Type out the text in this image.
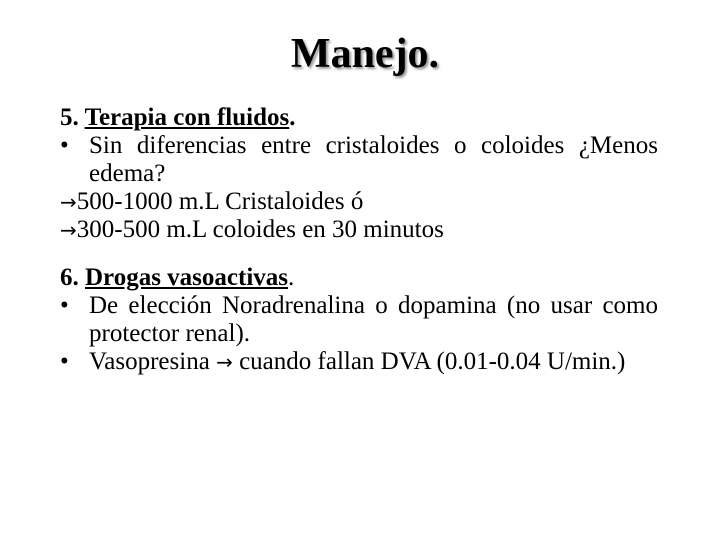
Manejo.
5. Terapia con fluidos.
• Sin diferencias entre cristaloides o coloides ¿Menos edema?
→500-1000 m.L Cristaloides ó
→300-500 m.L coloides en 30 minutos
6. Drogas vasoactivas.
• De elección Noradrenalina o dopamina (no usar como protector renal).
• Vasopresina → cuando fallan DVA (0.01-0.04 U/min.)
